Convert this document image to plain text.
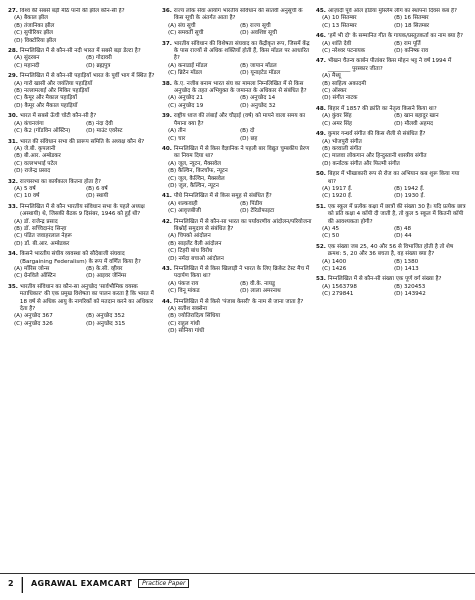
27. विश्व की सबसे बड़ी मीठे पानी की झील कौन-सी है?
(A) बैकाल झील
(B) तंजानिका झील
(C) सुपीरियर झील
(D) विक्टोरिया झील
28. निम्नलिखित में से कौन-सी नदी भारत में सबसे बड़ा डेल्टा है?
(A) सुंदरबन	(B) गोदावरी
(C) महानदी	(D) ब्रह्मपुत्र
29. निम्नलिखित में से कौन-सी पहाड़ियाँ भारत के पूर्वी भाग में स्थित हैं?
(A) गारो खासी और जयंतिया पहाड़ियाँ
(B) नल्लामलाई और मिकिर पहाड़ियाँ
(C) कैमूर और मैकाल पहाड़ियाँ
(D) कैमूर और मैकाल पहाड़ियाँ
30. भारत में सबसे ऊँची चोटी कौन-सी है?
(A) कंचनजंगा	(B) नंदा देवी
(C) के2 (गॉडविन ऑस्टिन)	(D) माउंट एवरेस्ट
31. भारत की संविधान सभा की प्रारूप समिति के अध्यक्ष कौन थे?
(A) जे.बी. कृपलानी
(B) बी.आर. अम्बेडकर
(C) वल्लभभाई पटेल
(D) राजेन्द्र प्रसाद
32. राज्यसभा का कार्यकाल कितना होता है?
(A) 5 वर्ष	(B) 6 वर्ष
(C) 10 वर्ष	(D) स्थायी
33. निम्नलिखित में से कौन भारतीय संविधान सभा के पहले अध्यक्ष (अस्थायी) थे, जिसकी बैठक 9 दिसंबर, 1946 को हुई थी?
(A) डॉ. राजेन्द्र प्रसाद
(B) डॉ. सच्चिदानंद सिन्हा
(C) पंडित जवाहरलाल नेहरू
(D) डॉ. बी.आर. अम्बेडकर
34. किसने भारतीय संघीय व्यवस्था को सौदेबाजी संघवाद (Bargaining Federalism) के रूप में वर्णित किया है?
(A) मॉरिस जोन्स	(B) के.सी. व्हीयर
(C) ग्रेनविले ऑस्टिन	(D) आइवर जेनिंग्स
35. भारतीय संविधान का कौन-सा अनुच्छेद 'सार्वभौमिक वयस्क मताधिकार' की एक प्रमुख विशेषता का पालन करता है कि भारत में 18 वर्ष से अधिक आयु के नागरिकों को मतदान करने का अधिकार देता है?
(A) अनुच्छेद 367	(B) अनुच्छेद 352
(C) अनुच्छेद 326	(D) अनुच्छेद 315
36. राज्य लोक सेवा आयोग भारतीय संविधान की सातवीं अनुसूची के किस सूची के अंतर्गत आता है?
(A) संघ सूची	(B) राज्य सूची
(C) समवर्ती सूची	(D) अवशिष्ट सूची
37. भारतीय संविधान की विशेषता संघवाद का केंद्रीकृत रूप, जिसमें केंद्र के पास राज्यों से अधिक शक्तियाँ होती हैं, किस मॉडल पर आधारित है?
(A) कनाडाई मॉडल	(B) जापान मॉडल
(C) ब्रिटेन मॉडल	(D) यूनाइटेड मॉडल
38. के.ए. नजीब बनाम भारत संघ का मामला निम्नलिखित में से किस अनुच्छेद के तहत अभियुक्त के जमानत के अधिकार से संबंधित है?
(A) अनुच्छेद 21	(B) अनुच्छेद 14
(C) अनुच्छेद 19	(D) अनुच्छेद 32
39. राष्ट्रीय ध्वज की लंबाई और चौड़ाई (वर्ष) को मापने वाला समय का पैमाना क्या है?
(A) तीन	(B) दो
(C) चार	(D) छह
40. निम्नलिखित में से किस वैज्ञानिक ने पहली बार विद्युत चुम्बकीय प्रेरण का नियम दिया था?
(A) जूल, न्यूटन, मैक्सवेल
(B) कैल्विन, किरचॉफ, न्यूटन
(C) जूल, कैल्विन, मैक्सवेल
(D) जूल, कैल्विन, न्यूटन
41. पौधे निम्नलिखित में से किस समूह से संबंधित हैं?
(A) शल्कवाही	(B) पिंडीय
(C) आवृत्तबीजी	(D) टेरिडोफाइटा
42. निम्नलिखित में से कौन-सा भारत का पर्यावरणीय आंदोलन/परियोजना बिश्नोई समुदाय से संबंधित है?
(A) चिपको आंदोलन
(B) साइलेंट वैली आंदोलन
(C) टिहरी बांध विरोध
(D) नर्मदा बचाओ आंदोलन
43. निम्नलिखित में से किस खिलाड़ी ने भारत के लिए क्रिकेट टेस्ट मैच में पदार्पण किया था?
(A) पंकज राय	(B) वी.के. नायडू
(C) विनू मांकड	(D) लाला अमरनाथ
44. निम्नलिखित में से किसे 'पंजाब केसरी' के नाम से जाना जाता है?
(A) सतीश सक्सेना
(B) ज्योतिरादित्य सिंधिया
(C) राहुल गांधी
(D) सोनिया गांधी
45. आज़ादी पूर्व ऑल इंडिया मुस्लिम लीग का स्थापना दिवस कब है?
(A) 10 सितम्बर	(B) 16 सितम्बर
(C) 13 सितम्बर	(D) 18 सितम्बर
46. 'हमें भी दो' के सम्मानित गीत के गायक/प्रस्तुतकर्ता का नाम क्या है?
(A) शांति देवी	(B) राम पूर्ति
(C) नरेश्वर पटनायक	(D) कनिष्क राव
47. भीखन चैतन्य कार्बन पीतांबर किस मोहन भट्ट ने वर्ष 1994 में ________ पुरस्कार जीता?
(A) मैथ्यू
(B) साहित्य अकादमी
(C) ऑस्कर
(D) संगीत नाटक
48. बिहार में 1857 की क्रांति का नेतृत्व किसने किया था?
(A) कुंवर सिंह	(B) खान बहादुर खान
(C) अमर सिंह	(D) मौलवी अहमद
49. कुमार गन्धर्व संगीत की किस शैली से संबंधित हैं?
(A) भोजपुरी संगीत
(B) कव्वाली संगीत
(C) मालवा लोकगान और हिन्दुस्तानी शास्त्रीय संगीत
(D) कर्नाटक संगीत और फिल्मी संगीत
50. बिहार में भीखाकारी रूप से रोज का अभियान कब शुरू किया गया था?
(A) 1917 ई.	(B) 1942 ई.
(C) 1920 ई.	(D) 1930 ई.
51. एक स्कूल में प्रत्येक कक्षा में छात्रों की संख्या 30 है। यदि प्रत्येक छात्र को प्रति कक्षा 4 कॉपी दी जाती है, तो कुल 5 स्कूल में कितनी कॉपी की आवश्यकता होगी?
(A) 45	(B) 48
(C) 50	(D) 44
52. एक संख्या जब 25, 40 और 56 से विभाजित होती है तो शेष क्रमश: 5, 20 और 36 बचता है, वह संख्या क्या है?
(A) 1400	(B) 1380
(C) 1426	(D) 1413
53. निम्नलिखित में से कौन-सी संख्या एक पूर्ण वर्ग संख्या है?
(A) 1563798	(B) 320453
(C) 279841	(D) 143942
2 | AGRAWAL EXAMCART	Practice Paper
